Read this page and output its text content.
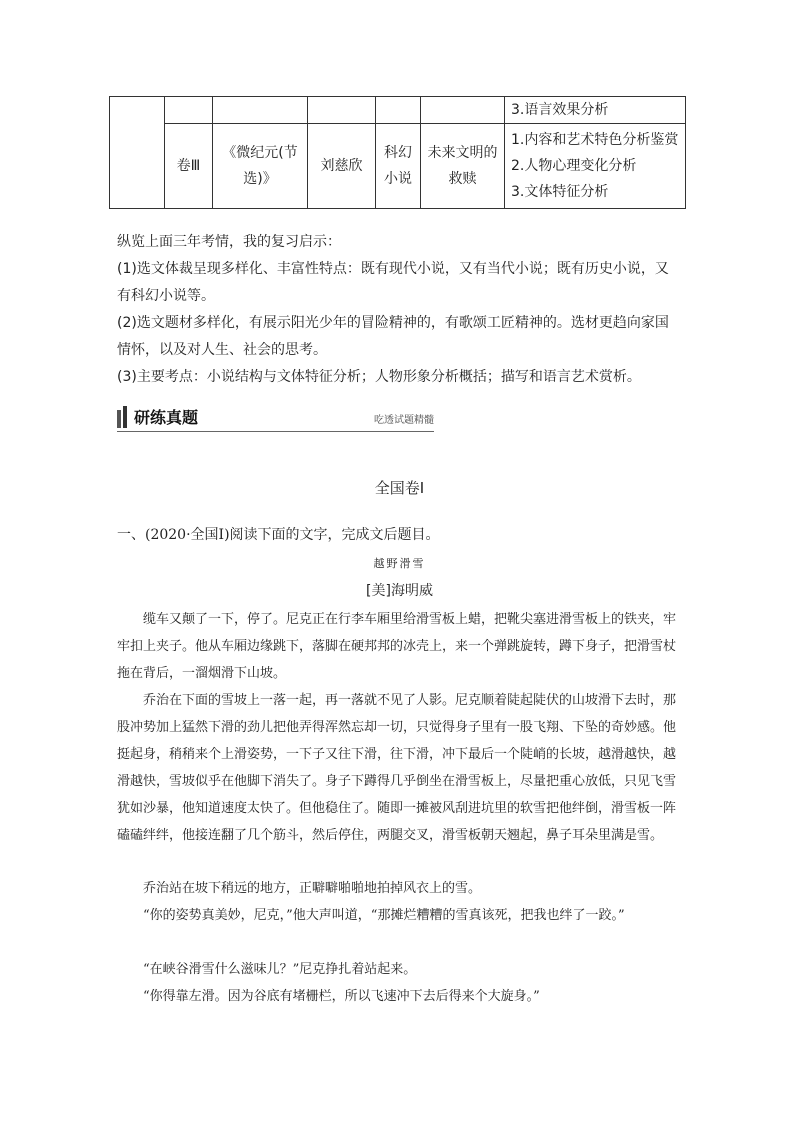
						3.语言效果分析
	卷Ⅲ	《微纪元(节选)》	刘慈欣	科幻小说	未来文明的救赎	1.内容和艺术特色分析鉴赏
2.人物心理变化分析
3.文体特征分析

纵览上面三年考情，我的复习启示：

(1)选文体裁呈现多样化、丰富性特点：既有现代小说，又有当代小说；既有历史小说，又有科幻小说等。

(2)选文题材多样化，有展示阳光少年的冒险精神的，有歌颂工匠精神的。选材更趋向家国情怀，以及对人生、社会的思考。

(3)主要考点：小说结构与文体特征分析；人物形象分析概括；描写和语言艺术赏析。

研练真题	吃透试题精髓

全国卷Ⅰ

一、(2020·全国Ⅰ)阅读下面的文字，完成文后题目。

越野滑雪

[美]海明威

缆车又颠了一下，停了。尼克正在行李车厢里给滑雪板上蜡，把靴尖塞进滑雪板上的铁夹，牢牢扣上夹子。他从车厢边缘跳下，落脚在硬邦邦的冰壳上，来一个弹跳旋转，蹲下身子，把滑雪杖拖在背后，一溜烟滑下山坡。

乔治在下面的雪坡上一落一起，再一落就不见了人影。尼克顺着陡起陡伏的山坡滑下去时，那股冲势加上猛然下滑的劲儿把他弄得浑然忘却一切，只觉得身子里有一股飞翔、下坠的奇妙感。他挺起身，稍稍来个上滑姿势，一下子又往下滑，往下滑，冲下最后一个陡峭的长坡，越滑越快，越滑越快，雪坡似乎在他脚下消失了。身子下蹲得几乎倒坐在滑雪板上，尽量把重心放低，只见飞雪犹如沙暴，他知道速度太快了。但他稳住了。随即一摊被风刮进坑里的软雪把他绊倒，滑雪板一阵磕磕绊绊，他接连翻了几个筋斗，然后停住，两腿交叉，滑雪板朝天翘起，鼻子耳朵里满是雪。

乔治站在坡下稍远的地方，正噼噼啪啪地拍掉风衣上的雪。

“你的姿势真美妙，尼克，”他大声叫道，“那摊烂糟糟的雪真该死，把我也绊了一跤。”

“在峡谷滑雪什么滋味儿？”尼克挣扎着站起来。

“你得靠左滑。因为谷底有堵栅栏，所以飞速冲下去后得来个大旋身。”
